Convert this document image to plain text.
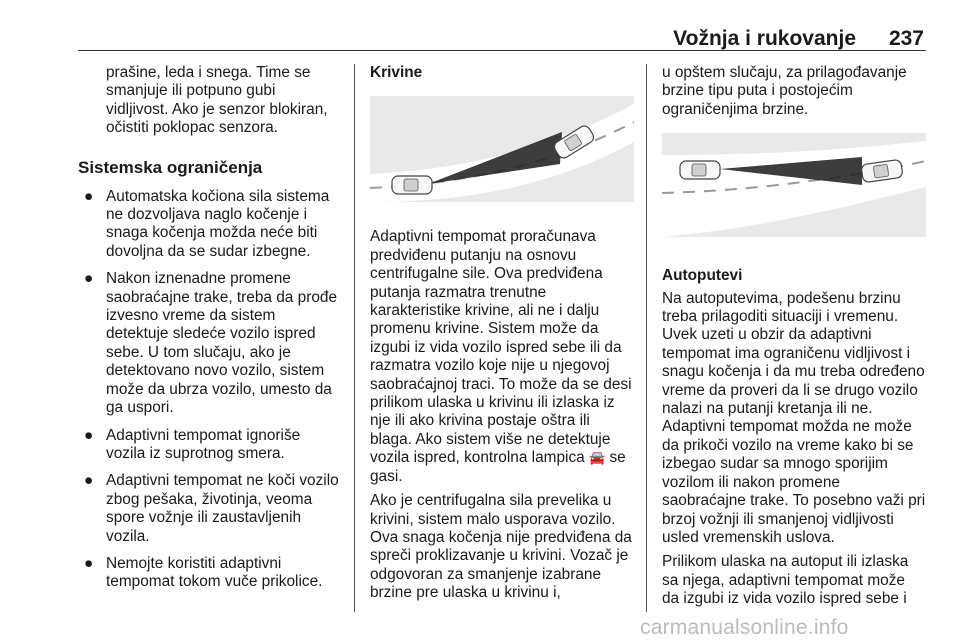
Vožnja i rukovanje 237

prašine, leda i snega. Time se smanjuje ili potpuno gubi vidljivost. Ako je senzor blokiran, očistiti poklopac senzora.

Sistemska ograničenja
● Automatska kočiona sila sistema ne dozvoljava naglo kočenje i snaga kočenja možda neće biti dovoljna da se sudar izbegne.
● Nakon iznenadne promene saobraćajne trake, treba da prođe izvesno vreme da sistem detektuje sledeće vozilo ispred sebe. U tom slučaju, ako je detektovano novo vozilo, sistem može da ubrza vozilo, umesto da ga uspori.
● Adaptivni tempomat ignoriše vozila iz suprotnog smera.
● Adaptivni tempomat ne koči vozilo zbog pešaka, životinja, veoma spore vožnje ili zaustavljenih vozila.
● Nemojte koristiti adaptivni tempomat tokom vuče prikolice.
Krivine

Adaptivni tempomat proračunava predviđenu putanju na osnovu centrifugalne sile. Ova predviđena putanja razmatra trenutne karakteristike krivine, ali ne i dalju promenu krivine. Sistem može da izgubi iz vida vozilo ispred sebe ili da razmatra vozilo koje nije u njegovoj saobraćajnoj traci. To može da se desi prilikom ulaska u krivinu ili izlaska iz nje ili ako krivina postaje oštra ili blaga. Ako sistem više ne detektuje vozila ispred, kontrolna lampica 🚘 se gasi.

Ako je centrifugalna sila prevelika u krivini, sistem malo usporava vozilo. Ova snaga kočenja nije predviđena da spreči proklizavanje u krivini. Vozač je odgovoran za smanjenje izabrane brzine pre ulaska u krivinu i,

u opštem slučaju, za prilagođavanje brzine tipu puta i postojećim ograničenjima brzine.

Autoputevi

Na autoputevima, podešenu brzinu treba prilagoditi situaciji i vremenu. Uvek uzeti u obzir da adaptivni tempomat ima ograničenu vidljivost i snagu kočenja i da mu treba određeno vreme da proveri da li se drugo vozilo nalazi na putanji kretanja ili ne. Adaptivni tempomat možda ne može da prikoči vozilo na vreme kako bi se izbegao sudar sa mnogo sporijim vozilom ili nakon promene saobraćajne trake. To posebno važi pri brzoj vožnji ili smanjenoj vidljivosti usled vremenskih uslova.

Prilikom ulaska na autoput ili izlaska sa njega, adaptivni tempomat može da izgubi iz vida vozilo ispred sebe i

carmanualsonline.info
